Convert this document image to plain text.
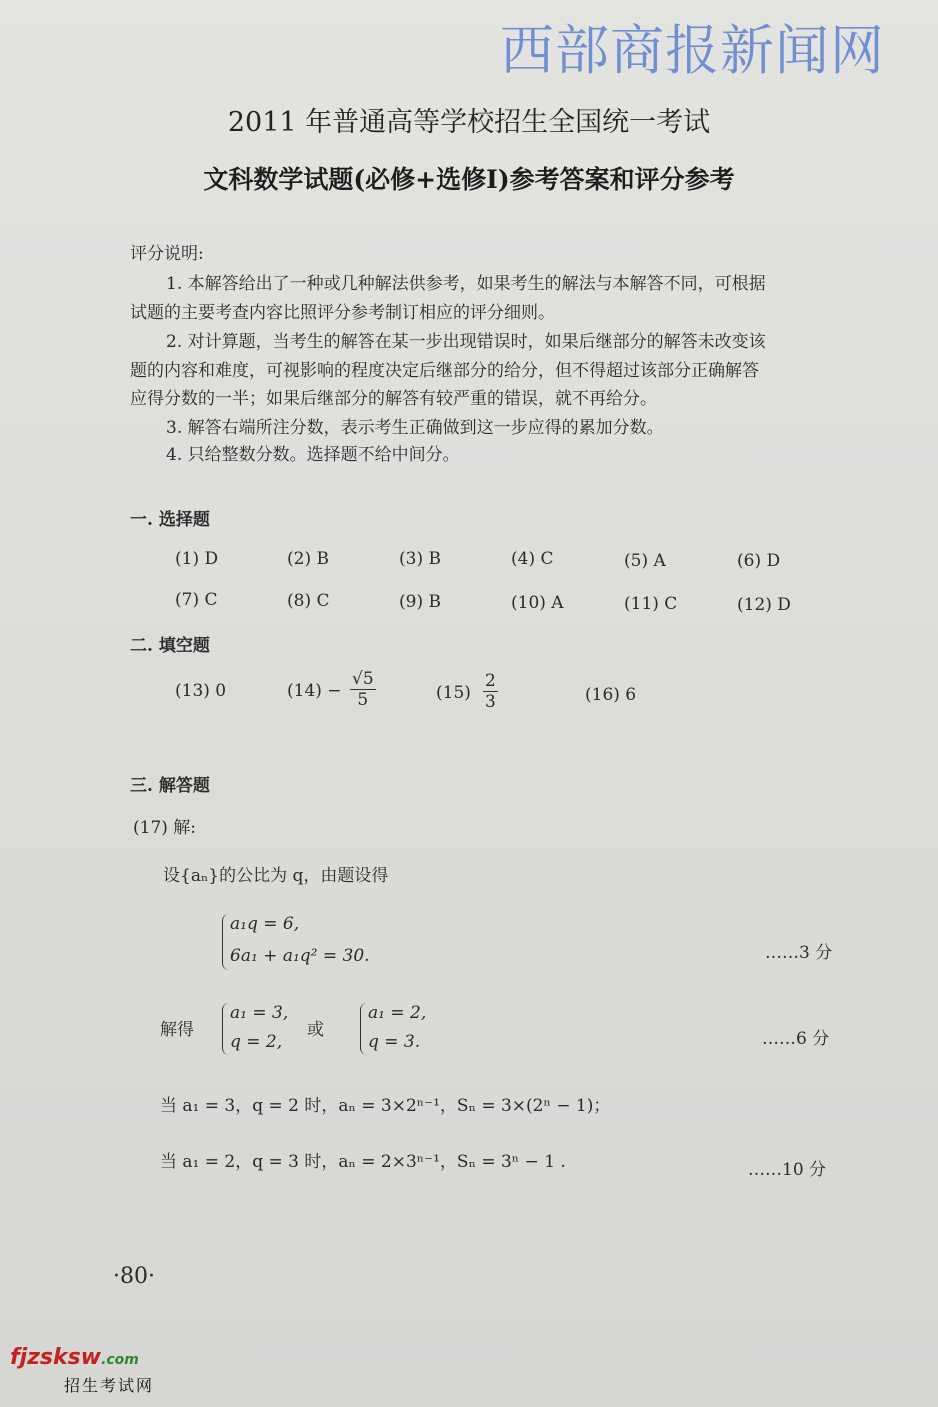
西部商报新闻网
2011 年普通高等学校招生全国统一考试
文科数学试题(必修+选修Ⅰ)参考答案和评分参考
评分说明:
1. 本解答给出了一种或几种解法供参考，如果考生的解法与本解答不同，可根据
试题的主要考查内容比照评分参考制订相应的评分细则。
2. 对计算题，当考生的解答在某一步出现错误时，如果后继部分的解答未改变该
题的内容和难度，可视影响的程度决定后继部分的给分，但不得超过该部分正确解答
应得分数的一半；如果后继部分的解答有较严重的错误，就不再给分。
3. 解答右端所注分数，表示考生正确做到这一步应得的累加分数。
4. 只给整数分数。选择题不给中间分。
一. 选择题
(1) D	(2) B	(3) B	(4) C	(5) A	(6) D
(7) C	(8) C	(9) B	(10) A	(11) C	(12) D
二. 填空题
(13) 0	$(14) - \frac{√5}{5}$	$(15) \frac{2}{3}$	(16) 6
三. 解答题
(17) 解:
设{aₙ}的公比为 q，由题设得
a₁q = 6,
6a₁ + a₁q² = 30.	……3 分
解得
a₁ = 3,
q = 2,
或
a₁ = 2,
q = 3.	……6 分
当 a₁ = 3，q = 2 时，aₙ = 3×2ⁿ⁻¹，Sₙ = 3×(2ⁿ − 1)；
当 a₁ = 2，q = 3 时，aₙ = 2×3ⁿ⁻¹，Sₙ = 3ⁿ − 1 .	……10 分
·80·
fjzsksw.com
招生考试网
